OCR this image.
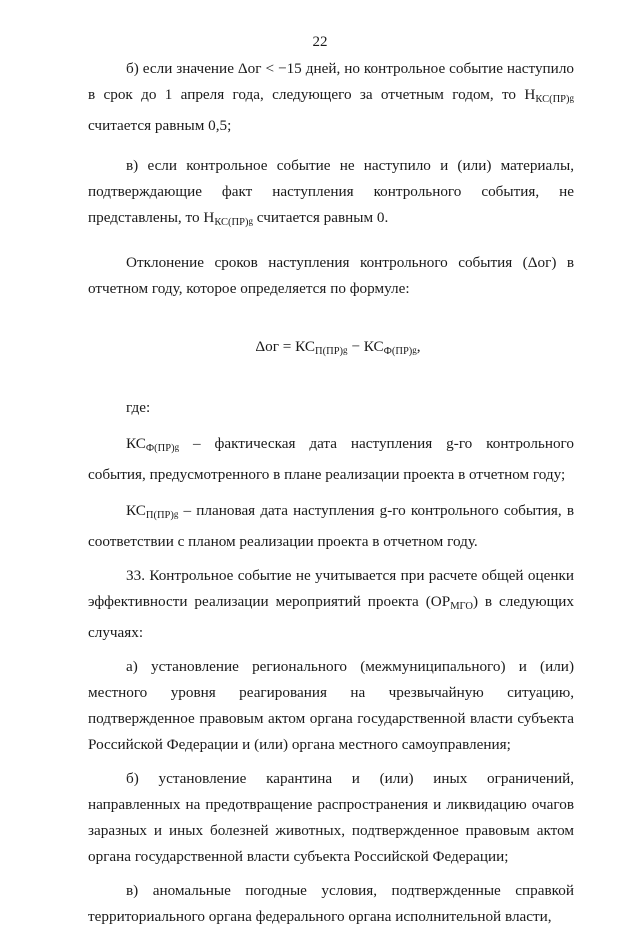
22

б) если значение Δог < −15 дней, но контрольное событие наступило в срок до 1 апреля года, следующего за отчетным годом, то $Н_{КС(ПР)}g$ считается равным 0,5;

в) если контрольное событие не наступило и (или) материалы, подтверждающие факт наступления контрольного события, не представлены, то $Н_{КС(ПР)}g$ считается равным 0.

Отклонение сроков наступления контрольного события (Δог) в отчетном году, которое определяется по формуле:

$\Delta ог = КС_{П(ПР)}g - КС_{Ф(ПР)}g$,

где:

$КС_{Ф(ПР)}g$ – фактическая дата наступления g-го контрольного события, предусмотренного в плане реализации проекта в отчетном году;

$КС_{П(ПР)}g$ – плановая дата наступления g-го контрольного события, в соответствии с планом реализации проекта в отчетном году.

33. Контрольное событие не учитывается при расчете общей оценки эффективности реализации мероприятий проекта $(ОР_{МГО})$ в следующих случаях:

а) установление регионального (межмуниципального) и (или) местного уровня реагирования на чрезвычайную ситуацию, подтвержденное правовым актом органа государственной власти субъекта Российской Федерации и (или) органа местного самоуправления;

б) установление карантина и (или) иных ограничений, направленных на предотвращение распространения и ликвидацию очагов заразных и иных болезней животных, подтвержденное правовым актом органа государственной власти субъекта Российской Федерации;

в) аномальные погодные условия, подтвержденные справкой территориального органа федерального органа исполнительной власти,
